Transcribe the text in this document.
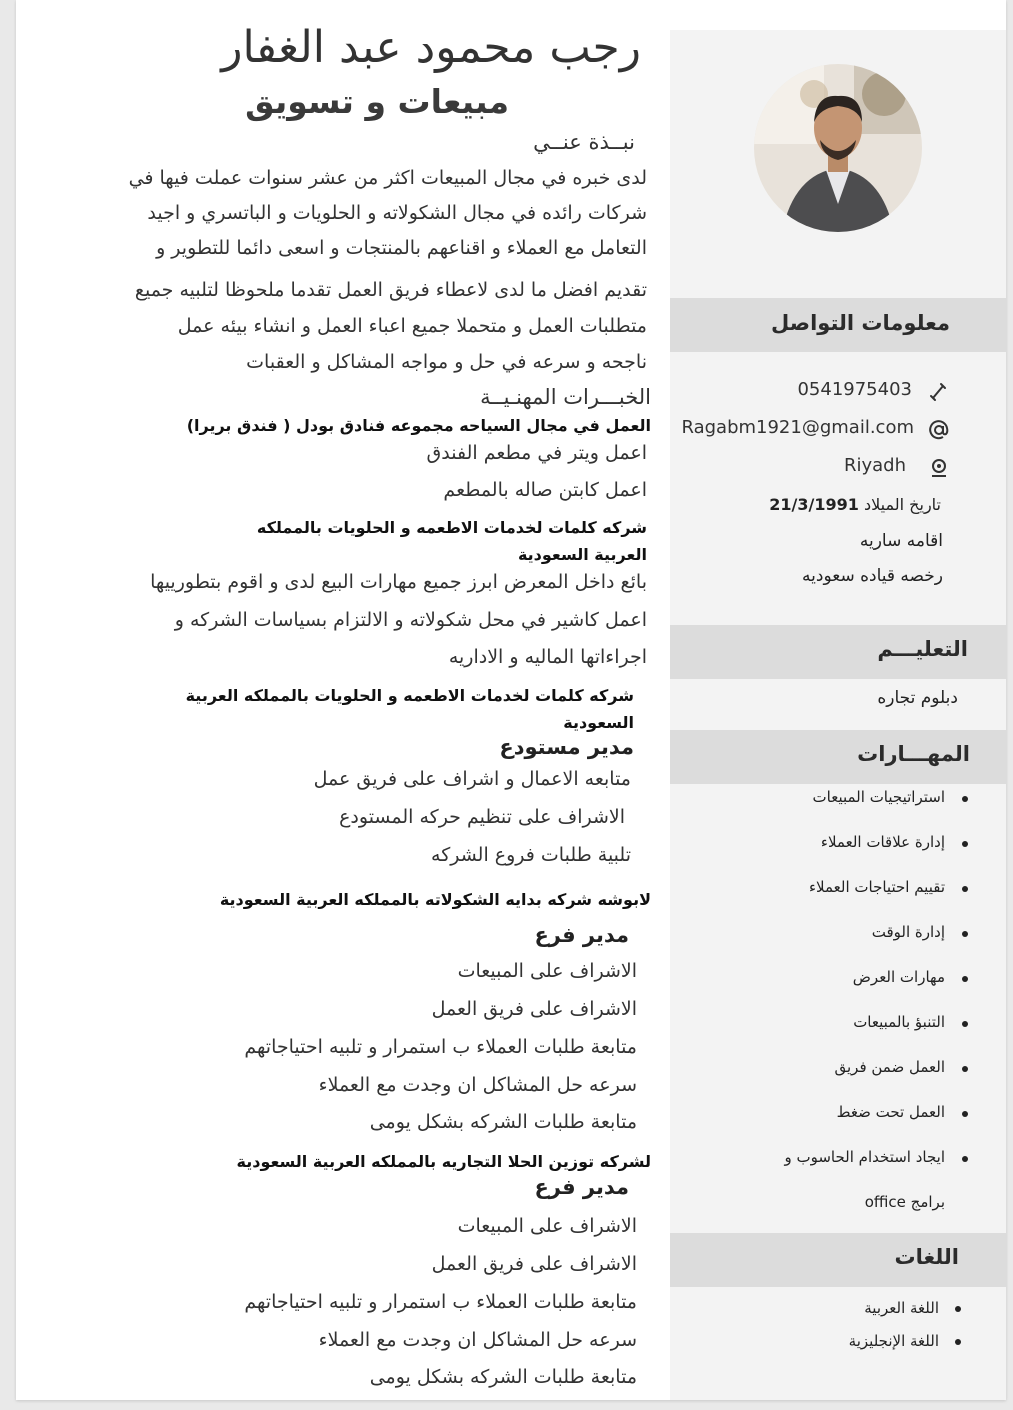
رجب محمود عبد الغفار
مبيعات و تسويق
نبــذة عنــي
لدى خبره في مجال المبيعات اكثر من عشر سنوات عملت فيها في
شركات رائده في مجال الشكولاته و الحلويات و الباتسري و اجيد
التعامل مع العملاء و اقناعهم بالمنتجات و اسعى دائما للتطوير و
تقديم افضل ما لدى لاعطاء فريق العمل تقدما ملحوظا لتلبيه جميع
متطلبات العمل و متحملا جميع اعباء العمل و انشاء بيئه عمل
ناجحه و سرعه في حل و مواجه المشاكل و العقبات
الخبـــرات المهنـيــة
العمل في مجال السياحه مجموعه فنادق بودل ( فندق بريرا)
اعمل ويتر في مطعم الفندق
اعمل كابتن صاله بالمطعم
شركه كلمات لخدمات الاطعمه و الحلويات بالمملكه
العربية السعودية
بائع داخل المعرض ابرز جميع مهارات البيع لدى و اقوم بتطورييها
اعمل كاشير في محل شكولاته و الالتزام بسياسات الشركه و
اجراءاتها الماليه و الاداريه
شركه كلمات لخدمات الاطعمه و الحلويات بالمملكه العربية
السعودية
مدير مستودع
متابعه الاعمال و اشراف على فريق عمل
الاشراف على تنظيم حركه المستودع
تلبية طلبات فروع الشركه
لابوشه شركه بدايه الشكولاته بالمملكه العربية السعودية
مدير فرع
الاشراف على المبيعات
الاشراف على فريق العمل
متابعة طلبات العملاء ب استمرار و تلبيه احتياجاتهم
سرعه حل المشاكل ان وجدت مع العملاء
متابعة طلبات الشركه بشكل يومى
لشركه توزين الحلا التجاريه بالمملكه العربية السعودية
مدير فرع
الاشراف على المبيعات
الاشراف على فريق العمل
متابعة طلبات العملاء ب استمرار و تلبيه احتياجاتهم
سرعه حل المشاكل ان وجدت مع العملاء
متابعة طلبات الشركه بشكل يومى
معلومات التواصل
0541975403
Ragabm1921@gmail.com
Riyadh
تاريخ الميلاد 21/3/1991
اقامه ساريه
رخصه قياده سعوديه
التعليـــم
دبلوم تجاره
المهـــارات
استراتيجيات المبيعات
إدارة علاقات العملاء
تقييم احتياجات العملاء
إدارة الوقت
مهارات العرض
التنبؤ بالمبيعات
العمل ضمن فريق
العمل تحت ضغط
ايجاد استخدام الحاسوب و
برامج office
اللغات
اللغة العربية
اللغة الإنجليزية
